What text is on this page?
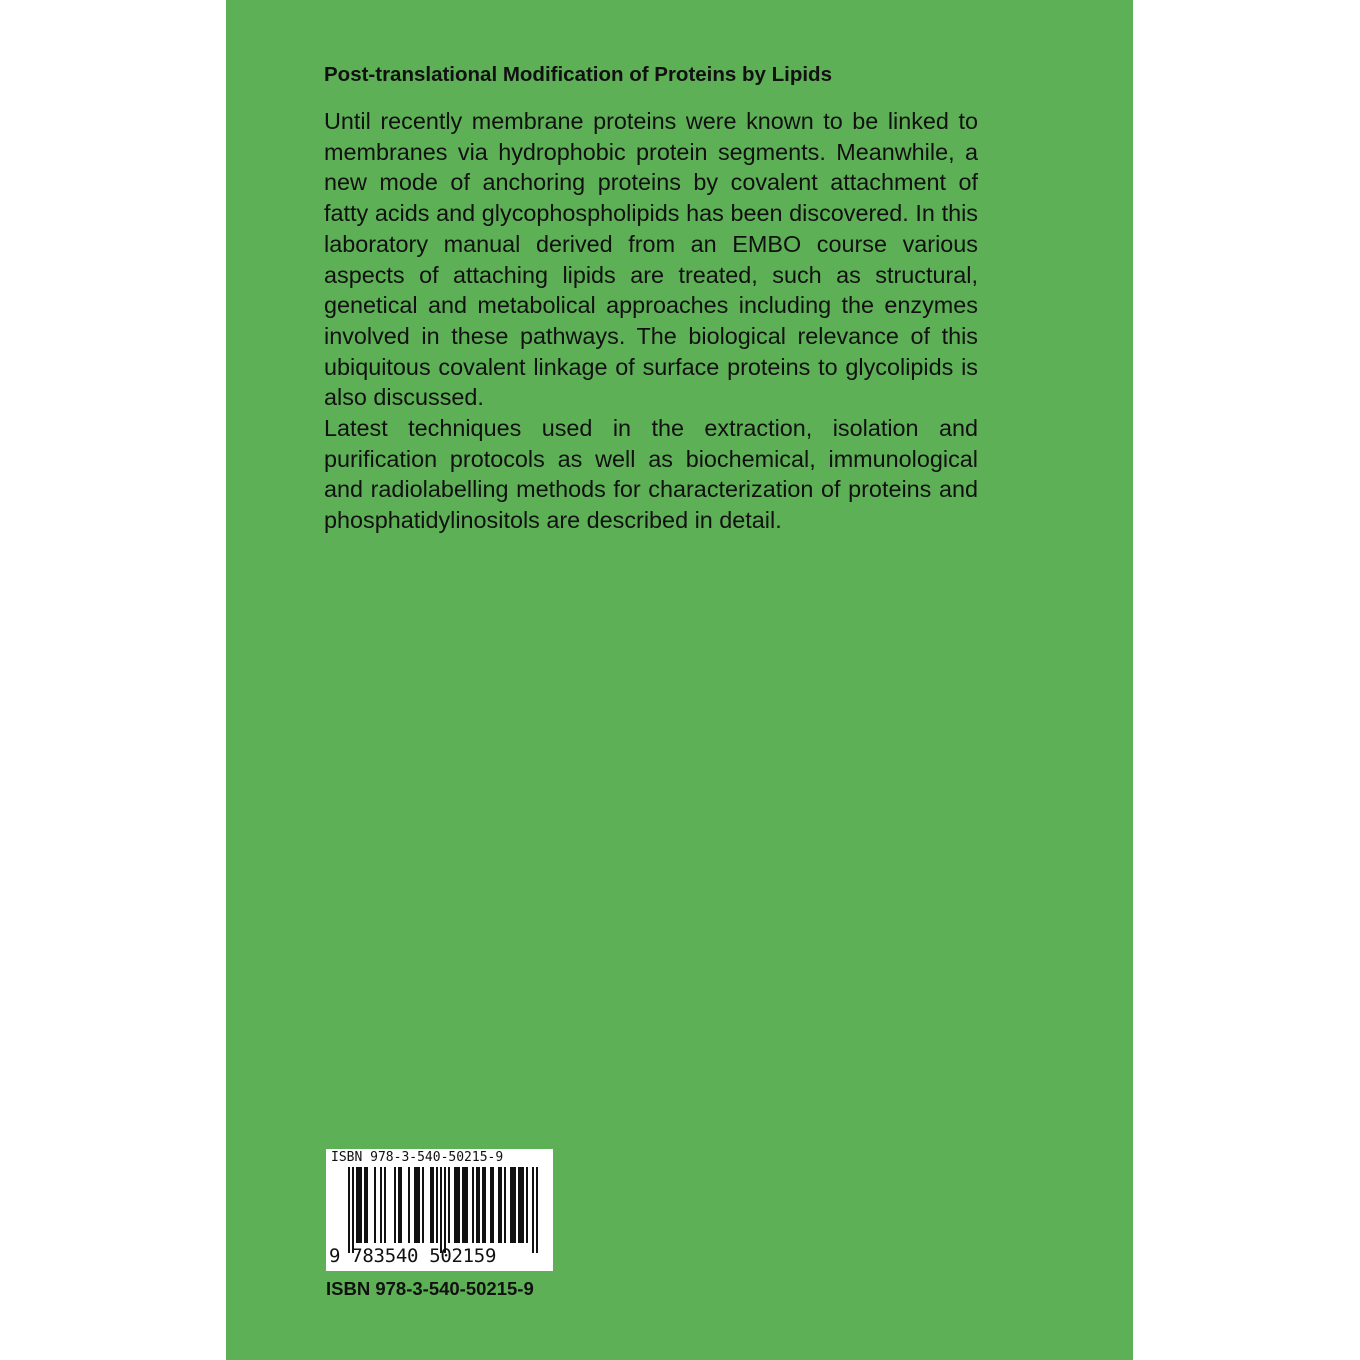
Post-translational Modification of Proteins by Lipids

Until recently membrane proteins were known to be linked to membranes via hydrophobic protein segments. Meanwhile, a new mode of anchoring proteins by covalent attachment of fatty acids and glycophospholipids has been discovered. In this laboratory manual derived from an EMBO course various aspects of attaching lipids are treated, such as structural, genetical and metabolical approaches including the enzymes involved in these pathways. The biological relevance of this ubiquitous covalent linkage of surface proteins to glycolipids is also discussed.

Latest techniques used in the extraction, isolation and purification protocols as well as biochemical, immunological and radiolabelling methods for characterization of proteins and phosphatidylinositols are described in detail.

ISBN 978-3-540-50215-9
9 783540 502159
ISBN 978-3-540-50215-9
